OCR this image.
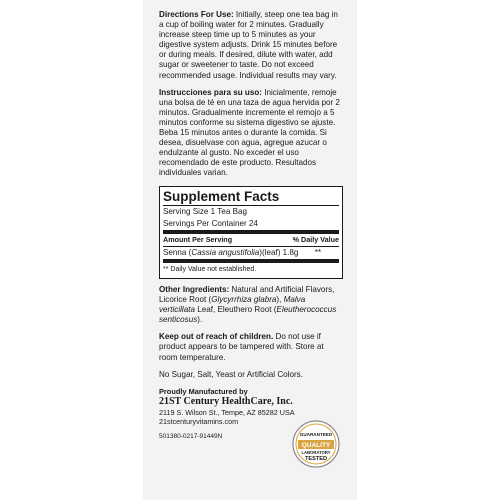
Directions For Use: Initially, steep one tea bag in a cup of boiling water for 2 minutes. Gradually increase steep time up to 5 minutes as your digestive system adjusts. Drink 15 minutes before or during meals. If desired, dilute with water, add sugar or sweetener to taste. Do not exceed recommended usage. Individual results may vary.

Instrucciones para su uso: Inicialmente, remoje una bolsa de té en una taza de agua hervida por 2 minutos. Gradualmente incremente el remojo a 5 minutos conforme su sistema digestivo se ajuste. Beba 15 minutos antes o durante la comida. Si desea, disuelvase con agua, agregue azucar o endulzante al gusto. No exceder el uso recomendado de este producto. Resultados individuales varian.

Supplement Facts
Serving Size 1 Tea Bag
Servings Per Container 24
Amount Per Serving	% Daily Value
Senna (Cassia angustifolia)(leaf) 1.8g **
** Daily Value not established.

Other Ingredients: Natural and Artificial Flavors, Licorice Root (Glycyrrhiza glabra), Malva verticillata Leaf, Eleuthero Root (Eleutherococcus senticosus).

Keep out of reach of children. Do not use if product appears to be tampered with. Store at room temperature.

No Sugar, Salt, Yeast or Artificial Colors.

Proudly Manufactured by
21ST Century HealthCare, Inc.
2119 S. Wilson St., Tempe, AZ 85282 USA
21stcenturyvitamins.com
501380-0217-91449N	GUARANTEED
QUALITY
LABORATORY
TESTED
